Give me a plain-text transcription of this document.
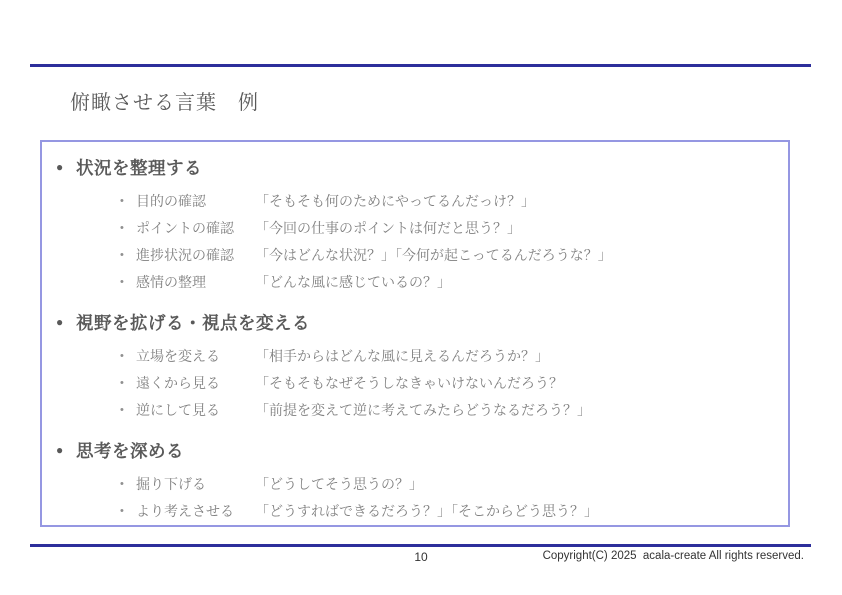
俯瞰させる言葉　例
● 状況を整理する
• 目的の確認	「そもそも何のためにやってるんだっけ？」
• ポイントの確認	「今回の仕事のポイントは何だと思う？」
• 進捗状況の確認	「今はどんな状況？」「今何が起こってるんだろうな？」
• 感情の整理	「どんな風に感じているの？」
● 視野を拡げる・視点を変える
• 立場を変える	「相手からはどんな風に見えるんだろうか？」
• 遠くから見る	「そもそもなぜそうしなきゃいけないんだろう？
• 逆にして見る	「前提を変えて逆に考えてみたらどうなるだろう？」
● 思考を深める
• 掘り下げる	「どうしてそう思うの？」
• より考えさせる	「どうすればできるだろう？」「そこからどう思う？」
10	Copyright(C) 2025  acala-create All rights reserved.
